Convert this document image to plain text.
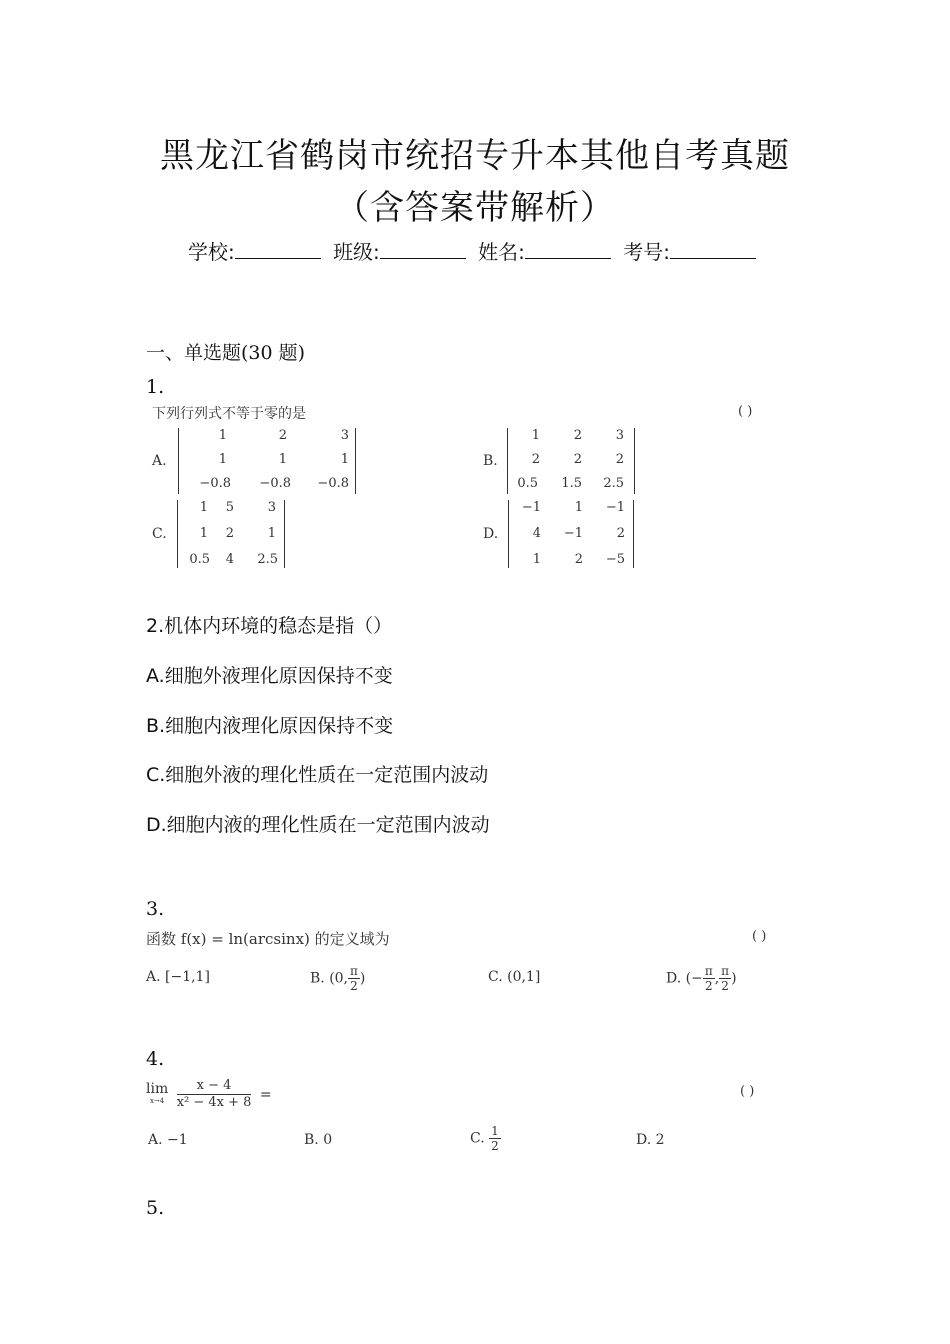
黑龙江省鹤岗市统招专升本其他自考真题
（含答案带解析）
学校:	班级:	姓名:	考号:
一、单选题(30 题)
1.
下列行列式不等于零的是	( )
A.
1	2	3
1	1	1
−0.8	−0.8	−0.8
B.
1	2	3
2	2	2
0.5	1.5	2.5
C.
1	5	3
1	2	1
0.5	4	2.5
D.
−1	1	−1
4	−1	2
1	2	−5
2.机体内环境的稳态是指（）
A.细胞外液理化原因保持不变
B.细胞内液理化原因保持不变
C.细胞外液的理化性质在一定范围内波动
D.细胞内液的理化性质在一定范围内波动
3.
函数 f(x) = ln(arcsinx) 的定义域为	( )
A. [−1,1]	B. (0, $\frac{\pi}{2}$ )	C. (0,1]	D. (− $\frac{\pi}{2}$ , $\frac{\pi}{2}$ )
4.
lim
x→4
$\frac{x - 4}{\text{x² − 4x + 8}}$ =	( )
A. −1	B. 0	C. $\frac{1}{2}$	D. 2
5.
